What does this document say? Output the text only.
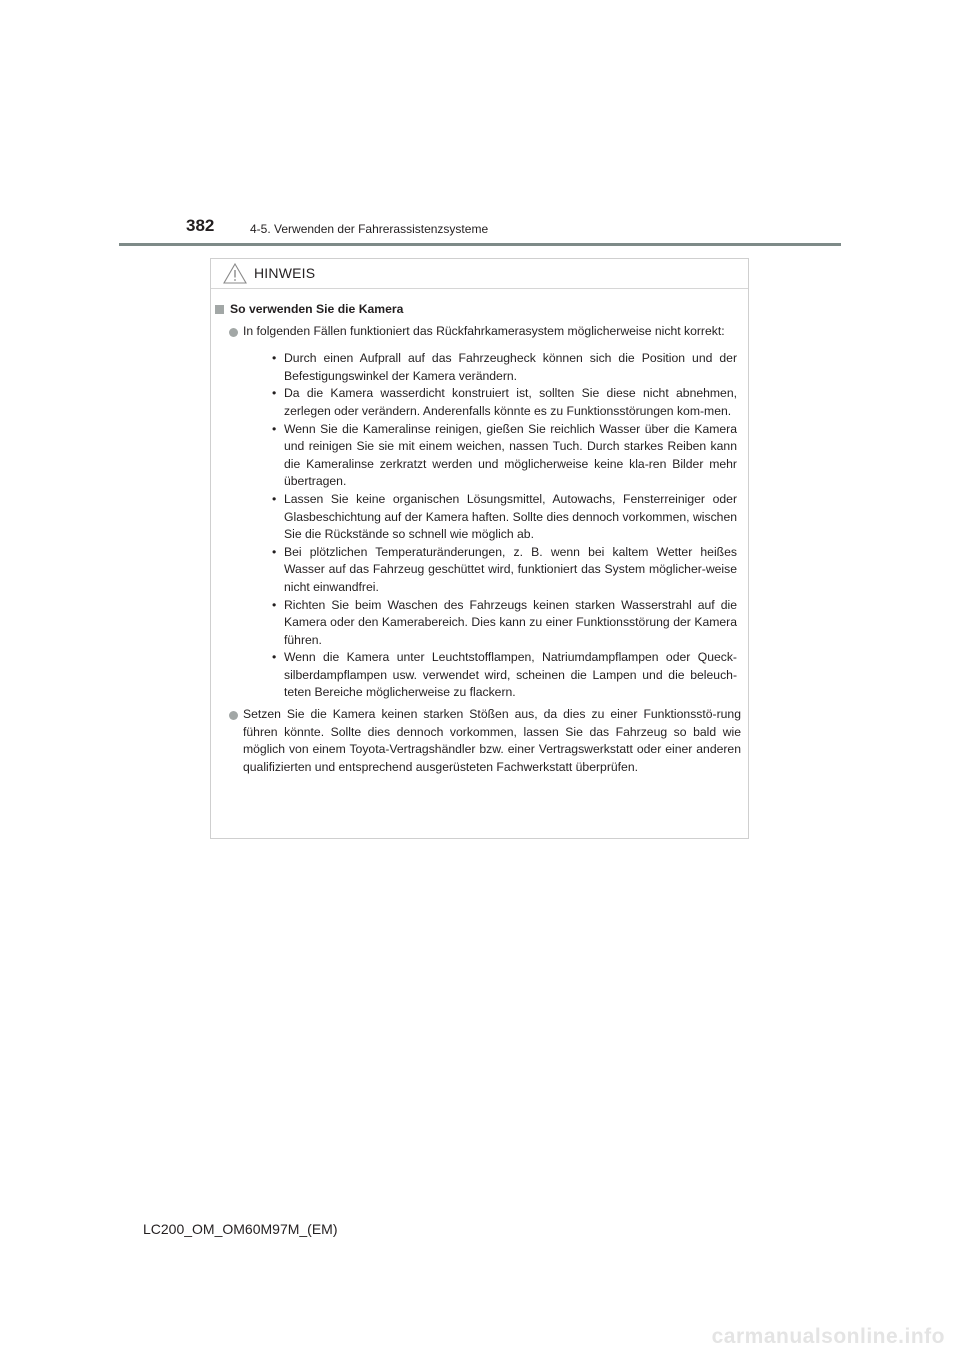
382	4-5. Verwenden der Fahrerassistenzsysteme
HINWEIS
So verwenden Sie die Kamera

In folgenden Fällen funktioniert das Rückfahrkamerasystem möglicherweise nicht korrekt:

• Durch einen Aufprall auf das Fahrzeugheck können sich die Position und der Befestigungswinkel der Kamera verändern.
• Da die Kamera wasserdicht konstruiert ist, sollten Sie diese nicht abnehmen, zerlegen oder verändern. Anderenfalls könnte es zu Funktionsstörungen kom-men.
• Wenn Sie die Kameralinse reinigen, gießen Sie reichlich Wasser über die Kamera und reinigen Sie sie mit einem weichen, nassen Tuch. Durch starkes Reiben kann die Kameralinse zerkratzt werden und möglicherweise keine kla-ren Bilder mehr übertragen.
• Lassen Sie keine organischen Lösungsmittel, Autowachs, Fensterreiniger oder Glasbeschichtung auf der Kamera haften. Sollte dies dennoch vorkommen, wischen Sie die Rückstände so schnell wie möglich ab.
• Bei plötzlichen Temperaturänderungen, z. B. wenn bei kaltem Wetter heißes Wasser auf das Fahrzeug geschüttet wird, funktioniert das System möglicher-weise nicht einwandfrei.
• Richten Sie beim Waschen des Fahrzeugs keinen starken Wasserstrahl auf die Kamera oder den Kamerabereich. Dies kann zu einer Funktionsstörung der Kamera führen.
• Wenn die Kamera unter Leuchtstofflampen, Natriumdampflampen oder Queck-silberdampflampen usw. verwendet wird, scheinen die Lampen und die beleuch-teten Bereiche möglicherweise zu flackern.

Setzen Sie die Kamera keinen starken Stößen aus, da dies zu einer Funktionsstö-rung führen könnte. Sollte dies dennoch vorkommen, lassen Sie das Fahrzeug so bald wie möglich von einem Toyota-Vertragshändler bzw. einer Vertragswerkstatt oder einer anderen qualifizierten und entsprechend ausgerüsteten Fachwerkstatt überprüfen.

LC200_OM_OM60M97M_(EM)
carmanualsonline.info
